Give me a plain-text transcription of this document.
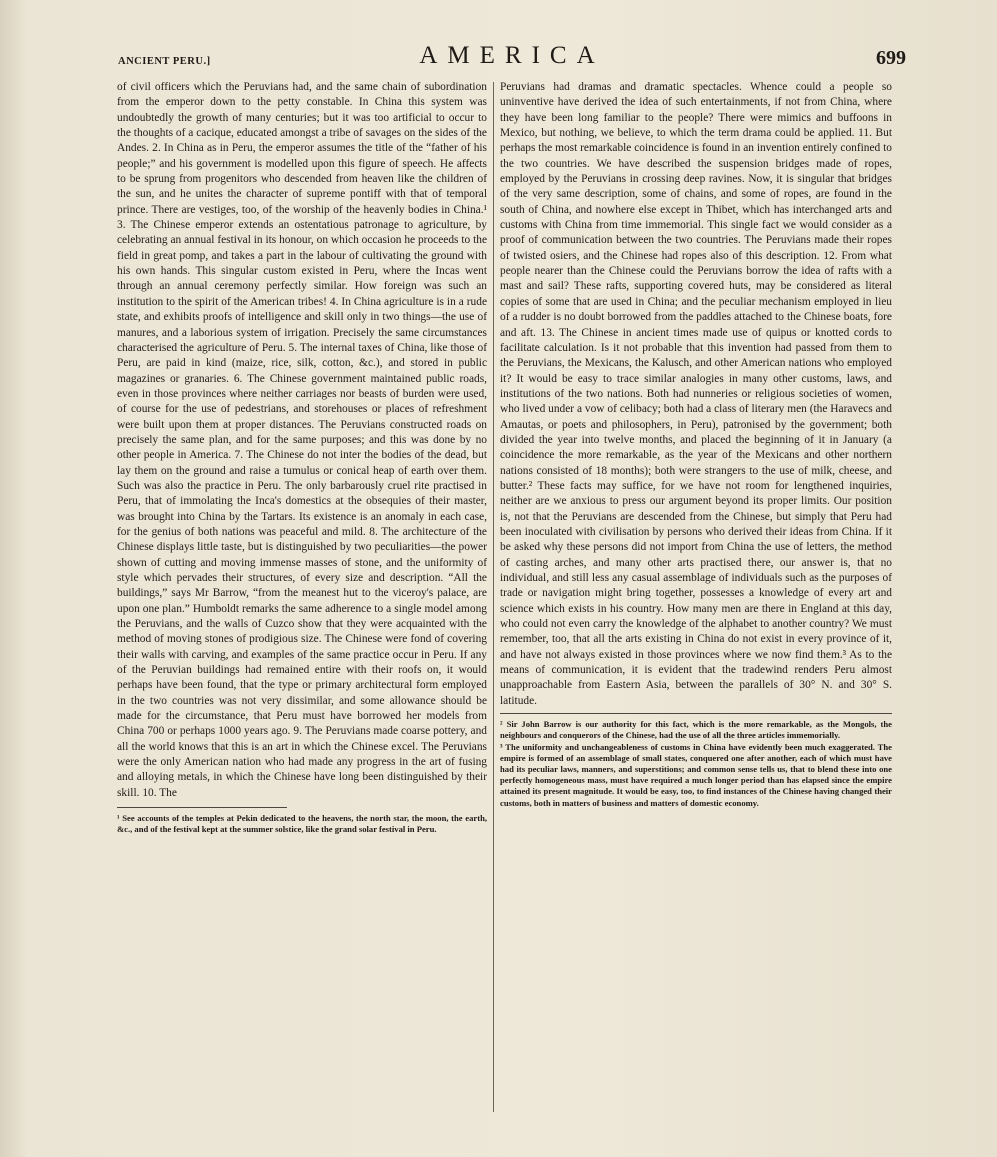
ANCIENT PERU.]	AMERICA	699

of civil officers which the Peruvians had, and the same chain of subordination from the emperor down to the petty constable. In China this system was undoubtedly the growth of many centuries; but it was too artificial to occur to the thoughts of a cacique, educated amongst a tribe of savages on the sides of the Andes. 2. In China as in Peru, the emperor assumes the title of the “father of his people;” and his government is modelled upon this figure of speech. He affects to be sprung from progenitors who descended from heaven like the children of the sun, and he unites the character of supreme pontiff with that of temporal prince. There are vestiges, too, of the worship of the heavenly bodies in China.¹ 3. The Chinese emperor extends an ostentatious patronage to agriculture, by celebrating an annual festival in its honour, on which occasion he proceeds to the field in great pomp, and takes a part in the labour of cultivating the ground with his own hands. This singular custom existed in Peru, where the Incas went through an annual ceremony perfectly similar. How foreign was such an institution to the spirit of the American tribes! 4. In China agriculture is in a rude state, and exhibits proofs of intelligence and skill only in two things—the use of manures, and a laborious system of irrigation. Precisely the same circumstances characterised the agriculture of Peru. 5. The internal taxes of China, like those of Peru, are paid in kind (maize, rice, silk, cotton, &c.), and stored in public magazines or granaries. 6. The Chinese government maintained public roads, even in those provinces where neither carriages nor beasts of burden were used, of course for the use of pedestrians, and storehouses or places of refreshment were built upon them at proper distances. The Peruvians constructed roads on precisely the same plan, and for the same purposes; and this was done by no other people in America. 7. The Chinese do not inter the bodies of the dead, but lay them on the ground and raise a tumulus or conical heap of earth over them. Such was also the practice in Peru. The only barbarously cruel rite practised in Peru, that of immolating the Inca's domestics at the obsequies of their master, was brought into China by the Tartars. Its existence is an anomaly in each case, for the genius of both nations was peaceful and mild. 8. The architecture of the Chinese displays little taste, but is distinguished by two peculiarities—the power shown of cutting and moving immense masses of stone, and the uniformity of style which pervades their structures, of every size and description. “All the buildings,” says Mr Barrow, “from the meanest hut to the viceroy's palace, are upon one plan.” Humboldt remarks the same adherence to a single model among the Peruvians, and the walls of Cuzco show that they were acquainted with the method of moving stones of prodigious size. The Chinese were fond of covering their walls with carving, and examples of the same practice occur in Peru. If any of the Peruvian buildings had remained entire with their roofs on, it would perhaps have been found, that the type or primary architectural form employed in the two countries was not very dissimilar, and some allowance should be made for the circumstance, that Peru must have borrowed her models from China 700 or perhaps 1000 years ago. 9. The Peruvians made coarse pottery, and all the world knows that this is an art in which the Chinese excel. The Peruvians were the only American nation who had made any progress in the art of fusing and alloying metals, in which the Chinese have long been distinguished by their skill. 10. The

¹ See accounts of the temples at Pekin dedicated to the heavens, the north star, the moon, the earth, &c., and of the festival kept at the summer solstice, like the grand solar festival in Peru.

Peruvians had dramas and dramatic spectacles. Whence could a people so uninventive have derived the idea of such entertainments, if not from China, where they have been long familiar to the people? There were mimics and buffoons in Mexico, but nothing, we believe, to which the term drama could be applied. 11. But perhaps the most remarkable coincidence is found in an invention entirely confined to the two countries. We have described the suspension bridges made of ropes, employed by the Peruvians in crossing deep ravines. Now, it is singular that bridges of the very same description, some of chains, and some of ropes, are found in the south of China, and nowhere else except in Thibet, which has interchanged arts and customs with China from time immemorial. This single fact we would consider as a proof of communication between the two countries. The Peruvians made their ropes of twisted osiers, and the Chinese had ropes also of this description. 12. From what people nearer than the Chinese could the Peruvians borrow the idea of rafts with a mast and sail? These rafts, supporting covered huts, may be considered as literal copies of some that are used in China; and the peculiar mechanism employed in lieu of a rudder is no doubt borrowed from the paddles attached to the Chinese boats, fore and aft. 13. The Chinese in ancient times made use of quipus or knotted cords to facilitate calculation. Is it not probable that this invention had passed from them to the Peruvians, the Mexicans, the Kalusch, and other American nations who employed it? It would be easy to trace similar analogies in many other customs, laws, and institutions of the two nations. Both had nunneries or religious societies of women, who lived under a vow of celibacy; both had a class of literary men (the Haravecs and Amautas, or poets and philosophers, in Peru), patronised by the government; both divided the year into twelve months, and placed the beginning of it in January (a coincidence the more remarkable, as the year of the Mexicans and other northern nations consisted of 18 months); both were strangers to the use of milk, cheese, and butter.² These facts may suffice, for we have not room for lengthened inquiries, neither are we anxious to press our argument beyond its proper limits. Our position is, not that the Peruvians are descended from the Chinese, but simply that Peru had been inoculated with civilisation by persons who derived their ideas from China. If it be asked why these persons did not import from China the use of letters, the method of casting arches, and many other arts practised there, our answer is, that no individual, and still less any casual assemblage of individuals such as the purposes of trade or navigation might bring together, possesses a knowledge of every art and science which exists in his country. How many men are there in England at this day, who could not even carry the knowledge of the alphabet to another country? We must remember, too, that all the arts existing in China do not exist in every province of it, and have not always existed in those provinces where we now find them.³ As to the means of communication, it is evident that the tradewind renders Peru almost unapproachable from Eastern Asia, between the parallels of 30° N. and 30° S. latitude.

² Sir John Barrow is our authority for this fact, which is the more remarkable, as the Mongols, the neighbours and conquerors of the Chinese, had the use of all the three articles immemorially.

³ The uniformity and unchangeableness of customs in China have evidently been much exaggerated. The empire is formed of an assemblage of small states, conquered one after another, each of which must have had its peculiar laws, manners, and superstitions; and common sense tells us, that to blend these into one perfectly homogeneous mass, must have required a much longer period than has elapsed since the empire attained its present magnitude. It would be easy, too, to find instances of the Chinese having changed their customs, both in matters of business and matters of domestic economy.
